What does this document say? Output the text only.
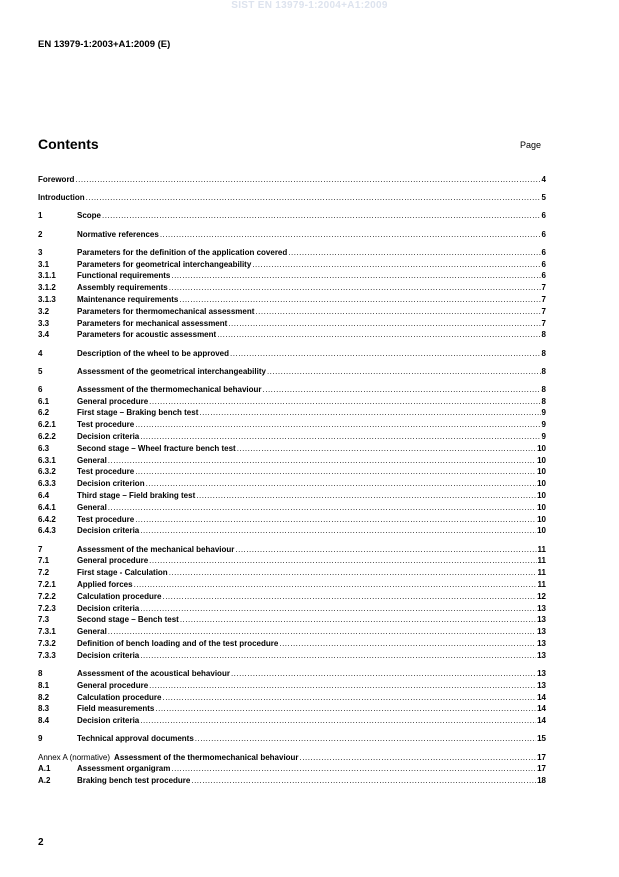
SIST EN 13979-1:2004+A1:2009
EN 13979-1:2003+A1:2009 (E)
Contents	Page
Foreword .....	4
Introduction .....	5
1	Scope .....	6
2	Normative references .....	6
3	Parameters for the definition of the application covered .....	6
3.1	Parameters for geometrical interchangeability .....	6
3.1.1	Functional requirements .....	6
3.1.2	Assembly requirements .....	7
3.1.3	Maintenance requirements .....	7
3.2	Parameters for thermomechanical assessment .....	7
3.3	Parameters for mechanical assessment .....	7
3.4	Parameters for acoustic assessment .....	8
4	Description of the wheel to be approved .....	8
5	Assessment of the geometrical interchangeability .....	8
6	Assessment of the thermomechanical behaviour .....	8
6.1	General procedure .....	8
6.2	First stage – Braking bench test .....	9
6.2.1	Test procedure .....	9
6.2.2	Decision criteria .....	9
6.3	Second stage – Wheel fracture bench test .....	10
6.3.1	General .....	10
6.3.2	Test procedure .....	10
6.3.3	Decision criterion .....	10
6.4	Third stage – Field braking test .....	10
6.4.1	General .....	10
6.4.2	Test procedure .....	10
6.4.3	Decision criteria .....	10
7	Assessment of the mechanical behaviour .....	11
7.1	General procedure .....	11
7.2	First stage - Calculation .....	11
7.2.1	Applied forces .....	11
7.2.2	Calculation procedure .....	12
7.2.3	Decision criteria .....	13
7.3	Second stage – Bench test .....	13
7.3.1	General .....	13
7.3.2	Definition of bench loading and of the test procedure .....	13
7.3.3	Decision criteria .....	13
8	Assessment of the acoustical behaviour .....	13
8.1	General procedure .....	13
8.2	Calculation procedure .....	14
8.3	Field measurements .....	14
8.4	Decision criteria .....	14
9	Technical approval documents .....	15
Annex A (normative) Assessment of the thermomechanical behaviour .....	17
A.1	Assessment organigram .....	17
A.2	Braking bench test procedure .....	18
2
